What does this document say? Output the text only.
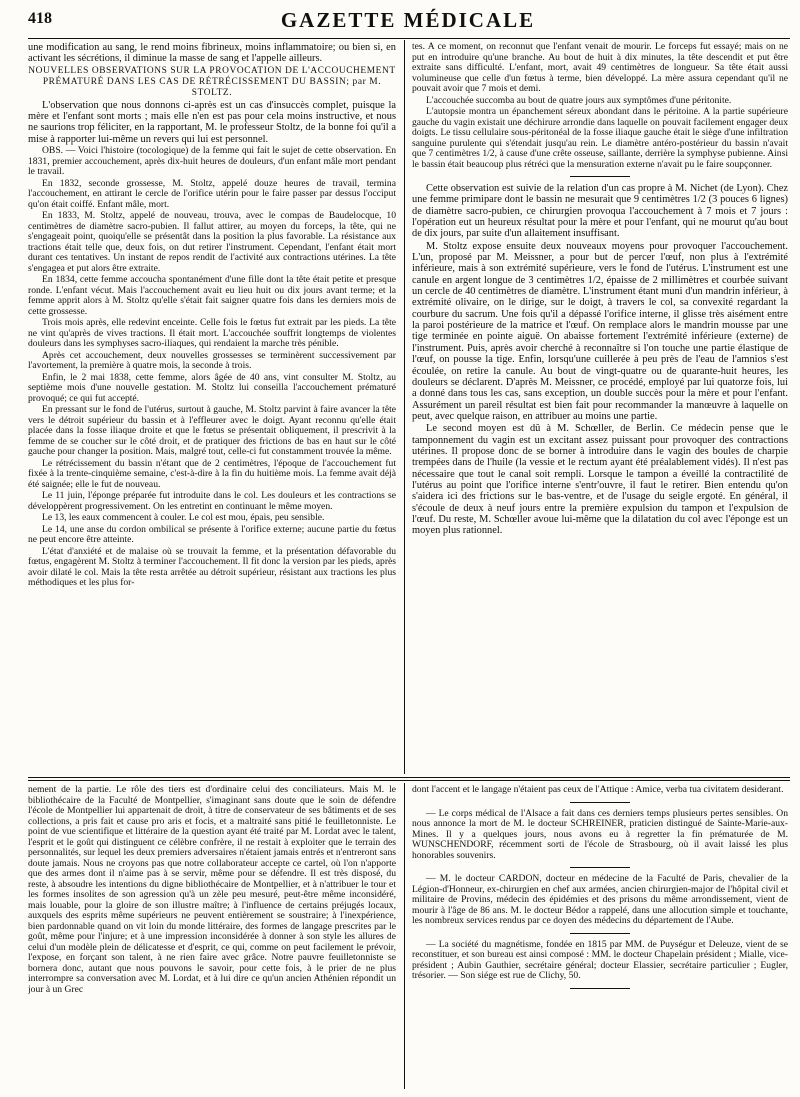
418	GAZETTE MÉDICALE

une modification au sang, le rend moins fibrineux, moins inflammatoire; ou bien si, en activant les sécrétions, il diminue la masse de sang et l'appelle ailleurs.

NOUVELLES OBSERVATIONS SUR LA PROVOCATION DE L'ACCOUCHEMENT PRÉMATURÉ DANS LES CAS DE RÉTRÉCISSEMENT DU BASSIN; par M. STOLTZ.

L'observation que nous donnons ci-après est un cas d'insuccès complet, puisque la mère et l'enfant sont morts ; mais elle n'en est pas pour cela moins instructive, et nous ne saurions trop féliciter, en la rapportant, M. le professeur Stoltz, de la bonne foi qu'il a mise à rapporter lui-même un revers qui lui est personnel.

OBS. — Voici l'histoire (tocologique) de la femme qui fait le sujet de cette observation. En 1831, premier accouchement, après dix-huit heures de douleurs, d'un enfant mâle mort pendant le travail.

En 1832, seconde grossesse, M. Stoltz, appelé douze heures de travail, termina l'accouchement, en attirant le cercle de l'orifice utérin pour le faire passer par dessus l'occiput qu'on était coiffé. Enfant mâle, mort.

En 1833, M. Stoltz, appelé de nouveau, trouva, avec le compas de Baudelocque, 10 centimètres de diamètre sacro-pubien. Il fallut attirer, au moyen du forceps, la tête, qui ne s'engageait point, quoiqu'elle se présentât dans la position la plus favorable. La résistance aux tractions était telle que, deux fois, on dut retirer l'instrument. Cependant, l'enfant était mort durant ces tentatives. Un instant de repos rendit de l'activité aux contractions utérines. La tête s'engagea et put alors être extraite.

En 1834, cette femme accoucha spontanément d'une fille dont la tête était petite et presque ronde. L'enfant vécut. Mais l'accouchement avait eu lieu huit ou dix jours avant terme; et la femme apprit alors à M. Stoltz qu'elle s'était fait saigner quatre fois dans les derniers mois de cette grossesse.

Trois mois après, elle redevint enceinte. Celle fois le fœtus fut extrait par les pieds. La tête ne vint qu'après de vives tractions. Il était mort. L'accouchée souffrit longtemps de violentes douleurs dans les symphyses sacro-iliaques, qui rendaient la marche très pénible.

Après cet accouchement, deux nouvelles grossesses se terminèrent successivement par l'avortement, la première à quatre mois, la seconde à trois.

Enfin, le 2 mai 1838, cette femme, alors âgée de 40 ans, vint consulter M. Stoltz, au septième mois d'une nouvelle gestation. M. Stoltz lui conseilla l'accouchement prématuré provoqué; ce qui fut accepté.

En pressant sur le fond de l'utérus, surtout à gauche, M. Stoltz parvint à faire avancer la tête vers le détroit supérieur du bassin et à l'effleurer avec le doigt. Ayant reconnu qu'elle était placée dans la fosse iliaque droite et que le fœtus se présentait obliquement, il prescrivit à la femme de se coucher sur le côté droit, et de pratiquer des frictions de bas en haut sur le côté gauche pour changer la position. Mais, malgré tout, celle-ci fut constamment trouvée la même.

Le rétrécissement du bassin n'étant que de 2 centimètres, l'époque de l'accouchement fut fixée à la trente-cinquième semaine, c'est-à-dire à la fin du huitième mois. La femme avait déjà été saignée; elle le fut de nouveau.

Le 11 juin, l'éponge préparée fut introduite dans le col. Les douleurs et les contractions se développèrent progressivement. On les entretint en continuant le même moyen.

Le 13, les eaux commencent à couler. Le col est mou, épais, peu sensible.

Le 14, une anse du cordon ombilical se présente à l'orifice externe; aucune partie du fœtus ne peut encore être atteinte.

L'état d'anxiété et de malaise où se trouvait la femme, et la présentation défavorable du fœtus, engagèrent M. Stoltz à terminer l'accouchement. Il fit donc la version par les pieds, après avoir dilaté le col. Mais la tête resta arrêtée au détroit supérieur, résistant aux tractions les plus méthodiques et les plus for-

tes. A ce moment, on reconnut que l'enfant venait de mourir. Le forceps fut essayé; mais on ne put en introduire qu'une branche. Au bout de huit à dix minutes, la tête descendit et put être extraite sans difficulté. L'enfant, mort, avait 49 centimètres de longueur. Sa tête était aussi volumineuse que celle d'un fœtus à terme, bien développé. La mère assura cependant qu'il ne pouvait avoir que 7 mois et demi.

L'accouchée succomba au bout de quatre jours aux symptômes d'une péritonite.

L'autopsie montra un épanchement séreux abondant dans le péritoine. A la partie supérieure gauche du vagin existait une déchirure arrondie dans laquelle on pouvait facilement engager deux doigts. Le tissu cellulaire sous-péritonéal de la fosse iliaque gauche était le siège d'une infiltration sanguine purulente qui s'étendait jusqu'au rein. Le diamètre antéro-postérieur du bassin n'avait que 7 centimètres 1/2, à cause d'une crête osseuse, saillante, derrière la symphyse pubienne. Ainsi le bassin était beaucoup plus rétréci que la mensuration externe n'avait pu le faire soupçonner.

Cette observation est suivie de la relation d'un cas propre à M. Nichet (de Lyon). Chez une femme primipare dont le bassin ne mesurait que 9 centimètres 1/2 (3 pouces 6 lignes) de diamètre sacro-pubien, ce chirurgien provoqua l'accouchement à 7 mois et 7 jours : l'opération eut un heureux résultat pour la mère et pour l'enfant, qui ne mourut qu'au bout de dix jours, par suite d'un allaitement insuffisant.

M. Stoltz expose ensuite deux nouveaux moyens pour provoquer l'accouchement. L'un, proposé par M. Meissner, a pour but de percer l'œuf, non plus à l'extrémité inférieure, mais à son extrémité supérieure, vers le fond de l'utérus. L'instrument est une canule en argent longue de 3 centimètres 1/2, épaisse de 2 millimètres et courbée suivant un cercle de 40 centimètres de diamètre. L'instrument étant muni d'un mandrin inférieur, à extrémité olivaire, on le dirige, sur le doigt, à travers le col, sa convexité regardant la courbure du sacrum. Une fois qu'il a dépassé l'orifice interne, il glisse très aisément entre la paroi postérieure de la matrice et l'œuf. On remplace alors le mandrin mousse par une tige terminée en pointe aiguë. On abaisse fortement l'extrémité inférieure (externe) de l'instrument. Puis, après avoir cherché à reconnaître si l'on touche une partie élastique de l'œuf, on pousse la tige. Enfin, lorsqu'une cuillerée à peu près de l'eau de l'amnios s'est écoulée, on retire la canule. Au bout de vingt-quatre ou de quarante-huit heures, les douleurs se déclarent. D'après M. Meissner, ce procédé, employé par lui quatorze fois, lui a donné dans tous les cas, sans exception, un double succès pour la mère et pour l'enfant. Assurément un pareil résultat est bien fait pour recommander la manœuvre à laquelle on peut, avec quelque raison, en attribuer au moins une partie.

Le second moyen est dû à M. Schœller, de Berlin. Ce médecin pense que le tamponnement du vagin est un excitant assez puissant pour provoquer des contractions utérines. Il propose donc de se borner à introduire dans le vagin des boules de charpie trempées dans de l'huile (la vessie et le rectum ayant été préalablement vidés). Il n'est pas nécessaire que tout le canal soit rempli. Lorsque le tampon a éveillé la contractilité de l'utérus au point que l'orifice interne s'entr'ouvre, il faut le retirer. Bien entendu qu'on s'aidera ici des frictions sur le bas-ventre, et de l'usage du seigle ergoté. En général, il s'écoule de deux à neuf jours entre la première expulsion du tampon et l'expulsion de l'œuf. Du reste, M. Schœller avoue lui-même que la dilatation du col avec l'éponge est un moyen plus rationnel.

nement de la partie. Le rôle des tiers est d'ordinaire celui des conciliateurs. Mais M. le bibliothécaire de la Faculté de Montpellier, s'imaginant sans doute que le soin de défendre l'école de Montpellier lui appartenait de droit, à titre de conservateur de ses bâtiments et de ses collections, a pris fait et cause pro aris et focis, et a maltraité sans pitié le feuilletonniste. Le point de vue scientifique et littéraire de la question ayant été traité par M. Lordat avec le talent, l'esprit et le goût qui distinguent ce célèbre confrère, il ne restait à exploiter que le terrain des personnalités, sur lequel les deux premiers adversaires n'étaient jamais entrés et n'entreront sans doute jamais. Nous ne croyons pas que notre collaborateur accepte ce cartel, où l'on n'apporte que des armes dont il n'aime pas à se servir, même pour se défendre. Il est très disposé, du reste, à absoudre les intentions du digne bibliothécaire de Montpellier, et à n'attribuer le tour et les formes insolites de son agression qu'à un zèle peu mesuré, peut-être même inconsidéré, mais louable, pour la gloire de son illustre maître; à l'influence de certains préjugés locaux, auxquels des esprits même supérieurs ne peuvent entièrement se soustraire; à l'inexpérience, bien pardonnable quand on vit loin du monde littéraire, des formes de langage prescrites par le goût, même pour l'injure; et à une impression inconsidérée à donner à son style les allures de celui d'un modèle plein de délicatesse et d'esprit, ce qui, comme on peut facilement le prévoir, l'expose, en forçant son talent, à ne rien faire avec grâce. Notre pauvre feuilletonniste se bornera donc, autant que nous pouvons le savoir, pour cette fois, à le prier de ne plus interrompre sa conversation avec M. Lordat, et à lui dire ce qu'un ancien Athénien répondit un jour à un Grec

dont l'accent et le langage n'étaient pas ceux de l'Attique : Amice, verba tua civitatem desiderant.

— Le corps médical de l'Alsace a fait dans ces derniers temps plusieurs pertes sensibles. On nous annonce la mort de M. le docteur SCHREINER, praticien distingué de Sainte-Marie-aux-Mines. Il y a quelques jours, nous avons eu à regretter la fin prématurée de M. WUNSCHENDORF, récemment sorti de l'école de Strasbourg, où il avait laissé les plus honorables souvenirs.

— M. le docteur CARDON, docteur en médecine de la Faculté de Paris, chevalier de la Légion-d'Honneur, ex-chirurgien en chef aux armées, ancien chirurgien-major de l'hôpital civil et militaire de Provins, médecin des épidémies et des prisons du même arrondissement, vient de mourir à l'âge de 86 ans. M. le docteur Bédor a rappelé, dans une allocution simple et touchante, les nombreux services rendus par ce doyen des médecins du département de l'Aube.

— La société du magnétisme, fondée en 1815 par MM. de Puységur et Deleuze, vient de se reconstituer, et son bureau est ainsi composé : MM. le docteur Chapelain président ; Mialle, vice-président ; Aubin Gauthier, secrétaire général; docteur Elassier, secrétaire particulier ; Eugler, trésorier. — Son siége est rue de Clichy, 50.
